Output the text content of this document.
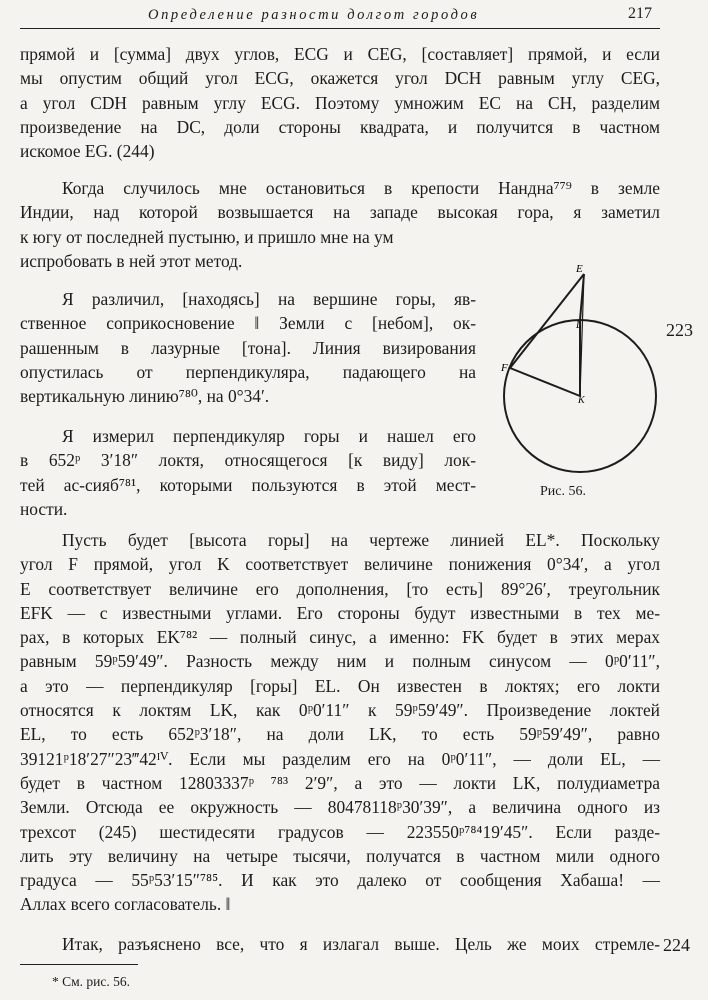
Определение разности долгот городов	217
прямой и [сумма] двух углов, ECG и CEG, [составляет] прямой, и если
мы опустим общий угол ECG, окажется угол DCH равным углу CEG,
а угол CDH равным углу ECG. Поэтому умножим EC на CH, разделим
произведение на DC, доли стороны квадрата, и получится в частном
искомое EG. (244)
Когда случилось мне остановиться в крепости Нандна⁷⁷⁹ в земле
Индии, над которой возвышается на западе высокая гора, я заметил
к югу от последней пустыню, и пришло мне на ум
испробовать в ней этот метод.
Я различил, [находясь] на вершине горы, яв-
ственное соприкосновение ‖ Земли с [небом], ок-
рашенным в лазурные [тона]. Линия визирования
опустилась от перпендикуляра, падающего на
вертикальную линию⁷⁸⁰, на 0°34′.
Я измерил перпендикуляр горы и нашел его
в 652ᵖ 3′18″ локтя, относящегося [к виду] лок-
тей ас-сияб⁷⁸¹, которыми пользуются в этой мест-
ности.
Пусть будет [высота горы] на чертеже линией EL*. Поскольку
угол F прямой, угол K соответствует величине понижения 0°34′, а угол
E соответствует величине его дополнения, [то есть] 89°26′, треугольник
EFK — с известными углами. Его стороны будут известными в тех ме-
рах, в которых EK⁷⁸² — полный синус, а именно: FK будет в этих мерах
равным 59ᵖ59′49″. Разность между ним и полным синусом — 0ᵖ0′11″,
а это — перпендикуляр [горы] EL. Он известен в локтях; его локти
относятся к локтям LK, как 0ᵖ0′11″ к 59ᵖ59′49″. Произведение локтей
EL, то есть 652ᵖ3′18″, на доли LK, то есть 59ᵖ59′49″, равно
39121ᵖ18′27″23‴42ᴵⱽ. Если мы разделим его на 0ᵖ0′11″, — доли EL, —
будет в частном 12803337ᵖ ⁷⁸³ 2′9″, а это — локти LK, полудиаметра
Земли. Отсюда ее окружность — 80478118ᵖ30′39″, а величина одного из
трехсот (245) шестидесяти градусов — 223550ᵖ⁷⁸⁴19′45″. Если разде-
лить эту величину на четыре тысячи, получатся в частном мили одного
градуса — 55ᵖ53′15″⁷⁸⁵. И как это далеко от сообщения Хабаша! —
Аллах всего согласователь. ‖
Итак, разъяснено все, что я излагал выше. Цель же моих стремле-
223
224
E
L
F
K
Рис. 56.
* См. рис. 56.
